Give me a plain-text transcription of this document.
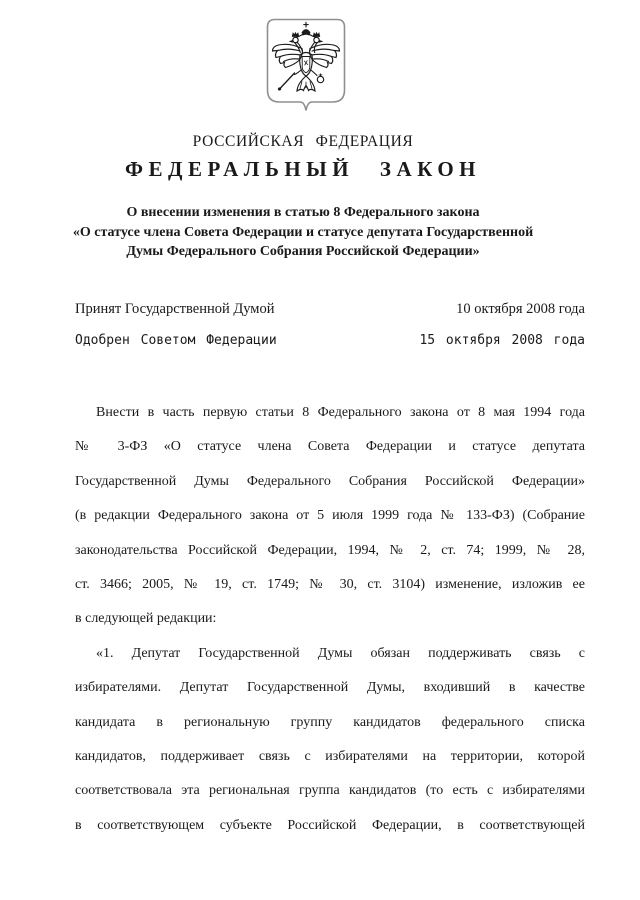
РОССИЙСКАЯ ФЕДЕРАЦИЯ
ФЕДЕРАЛЬНЫЙ ЗАКОН
О внесении изменения в статью 8 Федерального закона
«О статусе члена Совета Федерации и статусе депутата Государственной
Думы Федерального Собрания Российской Федерации»
Принят Государственной Думой	10 октября 2008 года
Одобрен Советом Федерации	15 октября 2008 года
Внести в часть первую статьи 8 Федерального закона от 8 мая 1994 года
№ 3-ФЗ «О статусе члена Совета Федерации и статусе депутата
Государственной Думы Федерального Собрания Российской Федерации»
(в редакции Федерального закона от 5 июля 1999 года № 133-ФЗ) (Собрание
законодательства Российской Федерации, 1994, № 2, ст. 74; 1999, № 28,
ст. 3466; 2005, № 19, ст. 1749; № 30, ст. 3104) изменение, изложив ее
в следующей редакции:
«1. Депутат Государственной Думы обязан поддерживать связь с
избирателями. Депутат Государственной Думы, входивший в качестве
кандидата в региональную группу кандидатов федерального списка
кандидатов, поддерживает связь с избирателями на территории, которой
соответствовала эта региональная группа кандидатов (то есть с избирателями
в соответствующем субъекте Российской Федерации, в соответствующей
